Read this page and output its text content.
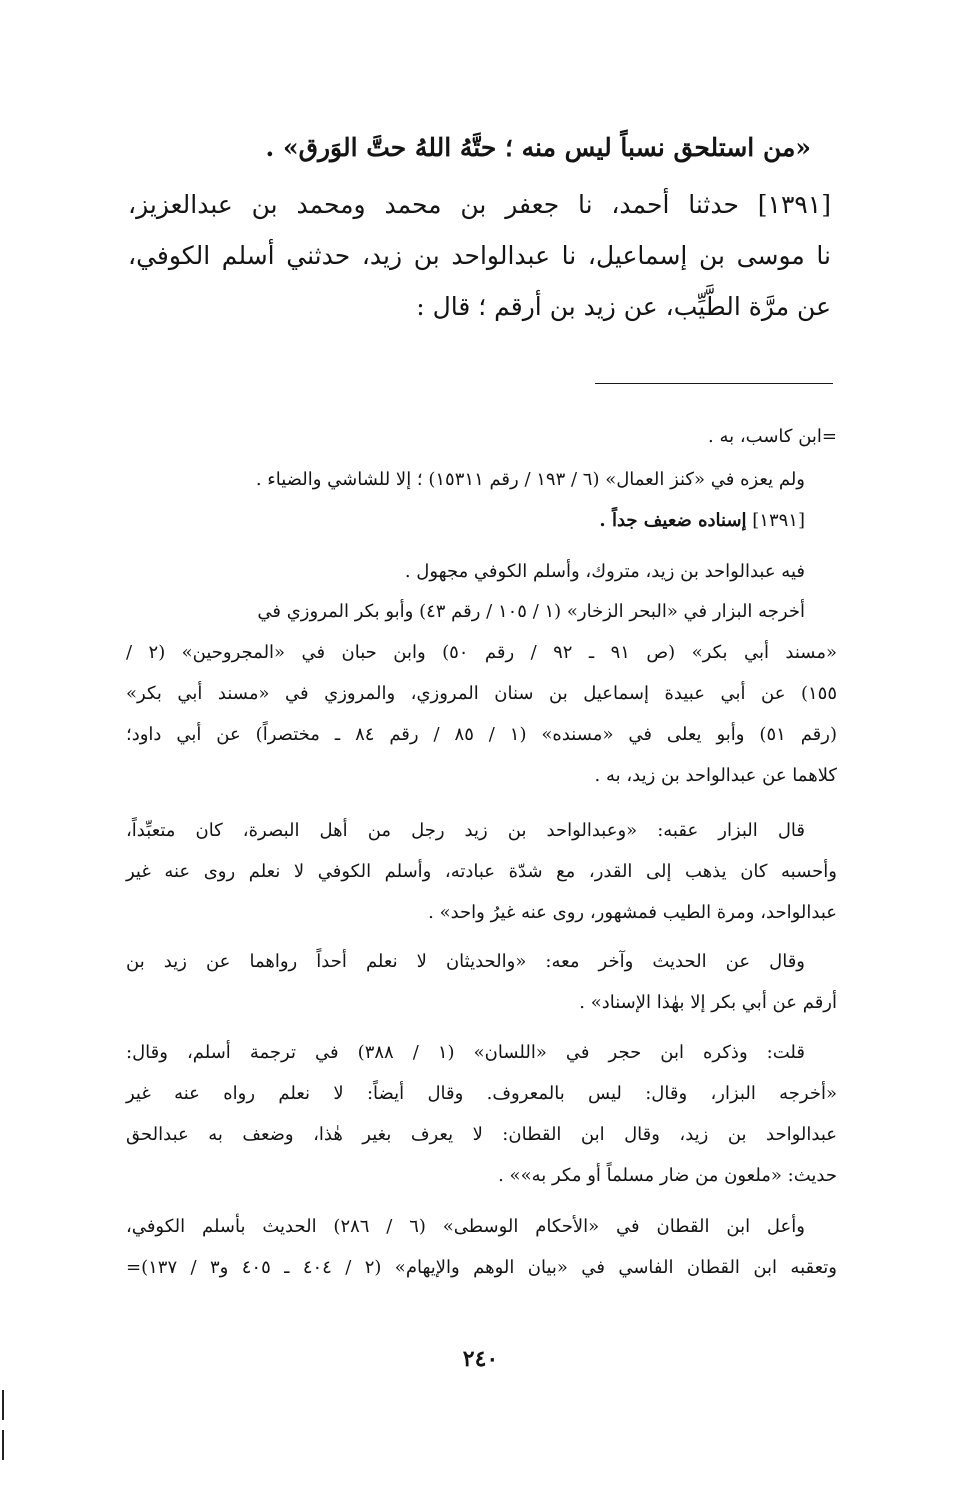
«من استلحق نسباً ليس منه ؛ حتَّهُ اللهُ حتَّ الوَرق» .
[١٣٩١] حدثنا أحمد، نا جعفر بن محمد ومحمد بن عبدالعزيز،
نا موسى بن إسماعيل، نا عبدالواحد بن زيد، حدثني أسلم الكوفي،
عن مرَّة الطَّيِّب، عن زيد بن أرقم ؛ قال :
=ابن كاسب، به .
ولم يعزه في «كنز العمال» (٦ / ١٩٣ / رقم ١٥٣١١) ؛ إلا للشاشي والضياء .
[١٣٩١] إسناده ضعيف جداً .
فيه عبدالواحد بن زيد، متروك، وأسلم الكوفي مجهول .
أخرجه البزار في «البحر الزخار» (١ / ١٠٥ / رقم ٤٣) وأبو بكر المروزي في
«مسند أبي بكر» (ص ٩١ ـ ٩٢ / رقم ٥٠) وابن حبان في «المجروحين» (٢ /
١٥٥) عن أبي عبيدة إسماعيل بن سنان المروزي، والمروزي في «مسند أبي بكر»
(رقم ٥١) وأبو يعلى في «مسنده» (١ / ٨٥ / رقم ٨٤ ـ مختصراً) عن أبي داود؛
كلاهما عن عبدالواحد بن زيد، به .
قال البزار عقبه: «وعبدالواحد بن زيد رجل من أهل البصرة، كان متعبِّداً،
وأحسبه كان يذهب إلى القدر، مع شدّة عبادته، وأسلم الكوفي لا نعلم روى عنه غير
عبدالواحد، ومرة الطيب فمشهور، روى عنه غيرُ واحد» .
وقال عن الحديث وآخر معه: «والحديثان لا نعلم أحداً رواهما عن زيد بن
أرقم عن أبي بكر إلا بهٰذا الإسناد» .
قلت: وذكره ابن حجر في «اللسان» (١ / ٣٨٨) في ترجمة أسلم، وقال:
«أخرجه البزار، وقال: ليس بالمعروف. وقال أيضاً: لا نعلم رواه عنه غير
عبدالواحد بن زيد، وقال ابن القطان: لا يعرف بغير هٰذا، وضعف به عبدالحق
حديث: «ملعون من ضار مسلماً أو مكر به»» .
وأعل ابن القطان في «الأحكام الوسطى» (٦ / ٢٨٦) الحديث بأسلم الكوفي،
وتعقبه ابن القطان الفاسي في «بيان الوهم والإيهام» (٢ / ٤٠٤ ـ ٤٠٥ و٣ / ١٣٧)=
٢٤٠
